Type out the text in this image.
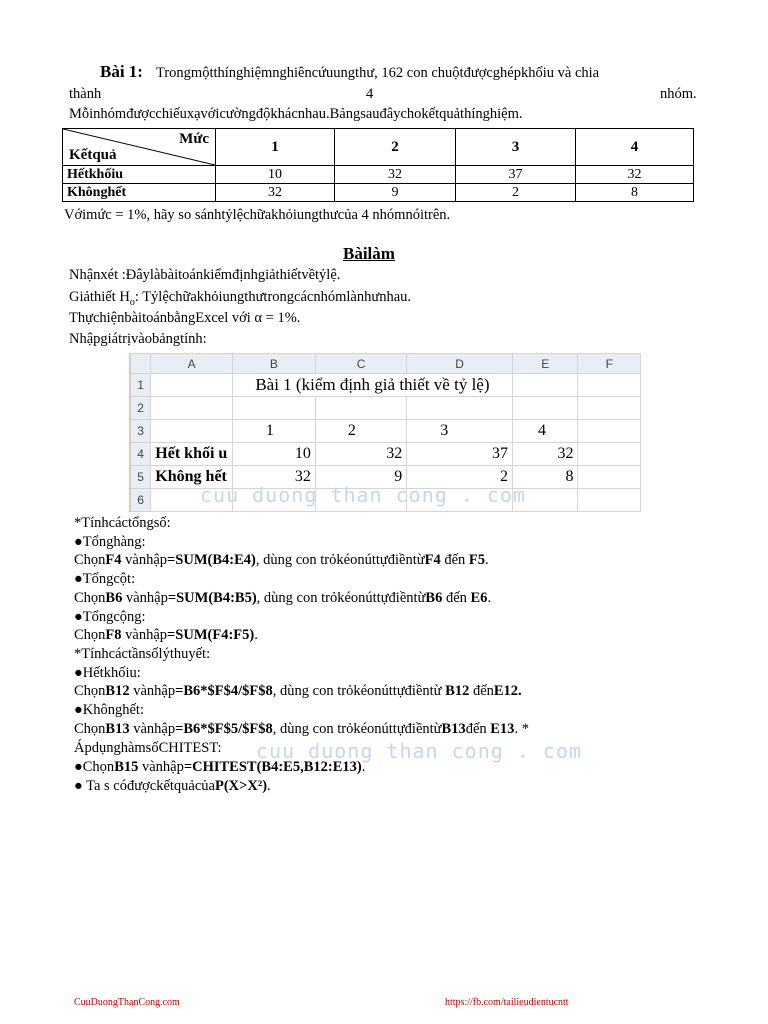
Bài 1: Trongmộtthínghiệmnghiêncứuungthư, 162 con chuộtđượcghépkhốiu và chia
thành	4	nhóm.
Mỗinhómđượcchiếuxạvớicườngđộkhácnhau.Bảngsauđâychokếtquảthínghiệm.
Mức
Kếtquả	1	2	3	4
Hếtkhốiu	10	32	37	32
Khônghết	32	9	2	8
Vớimức = 1%, hãy so sánhtỷlệchữakhỏiungthưcủa 4 nhómnóitrên.
Bàilàm
Nhậnxét :Đâylàbàitoánkiểmđịnhgiảthiếtvềtỷlệ.
Giảthiết $H_o$: Tỷlệchữakhỏiungthưtrongcácnhómlànhưnhau.
ThựchiệnbàitoánbằngExcel với α = 1%.
Nhậpgiátrịvàobảngtính:
	A	B	C	D	E	F
1		Bài 1 (kiểm định giả thiết về tỷ lệ)				
2						
3		1	2	3	4	
4	Hết khối u	10	32	37	32	
5	Không hết	32	9	2	8	
6							cuu duong than cong . com
*Tínhcáctổngsố:
●Tổnghàng:
ChọnF4 vànhập=SUM(B4:E4), dùng con trỏkéonúttựđiềntừF4 đến F5.
●Tổngcột:
ChọnB6 vànhập=SUM(B4:B5), dùng con trỏkéonúttựđiềntừB6 đến E6.
●Tổngcộng:
ChọnF8 vànhập=SUM(F4:F5).
*Tínhcáctầnsốlýthuyết:
●Hếtkhốiu:
ChọnB12 vànhập=B6*$F$4/$F$8, dùng con trỏkéonúttựđiềntừ B12 đếnE12.
●Khônghết:
ChọnB13 vànhập=B6*$F$5/$F$8, dùng con trỏkéonúttựđiềntừB13đến E13. *
ÁpdụnghàmsốCHITEST: cuu duong than cong . com
●ChọnB15 vànhập=CHITEST(B4:E5,B12:E13).
● Ta s cóđượckếtquảcủaP(X>X²).
CuuDuongThanCong.com	https://fb.com/tailieudientucntt
